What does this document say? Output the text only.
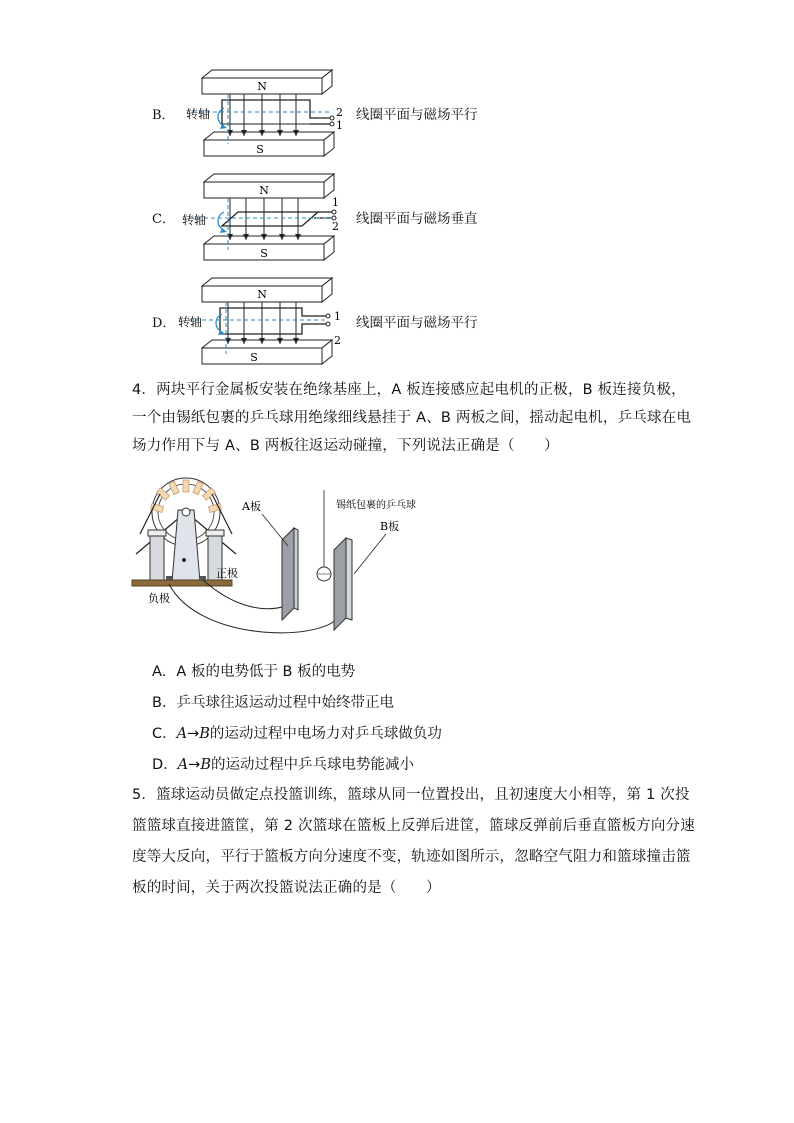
B．
N
S
2
1
转轴	线圈平面与磁场平行
C．
N
S
1
2
转轴	线圈平面与磁场垂直
D．
N
S
1
2
转轴	线圈平面与磁场平行
4．两块平行金属板安装在绝缘基座上，A 板连接感应起电机的正极，B 板连接负极，
一个由锡纸包裹的乒乓球用绝缘细线悬挂于 A、B 两板之间，摇动起电机，乒乓球在电
场力作用下与 A、B 两板往返运动碰撞，下列说法正确是（　　）
正极
负极
A板	锡纸包裹的乒乓球
B板
A．A 板的电势低于 B 板的电势
B．乒乓球往返运动过程中始终带正电
C．A→B的运动过程中电场力对乒乓球做负功
D．A→B的运动过程中乒乓球电势能减小
5．篮球运动员做定点投篮训练，篮球从同一位置投出，且初速度大小相等，第 1 次投
篮篮球直接进篮筐，第 2 次篮球在篮板上反弹后进筐，篮球反弹前后垂直篮板方向分速
度等大反向，平行于篮板方向分速度不变，轨迹如图所示，忽略空气阻力和篮球撞击篮
板的时间，关于两次投篮说法正确的是（　　）
